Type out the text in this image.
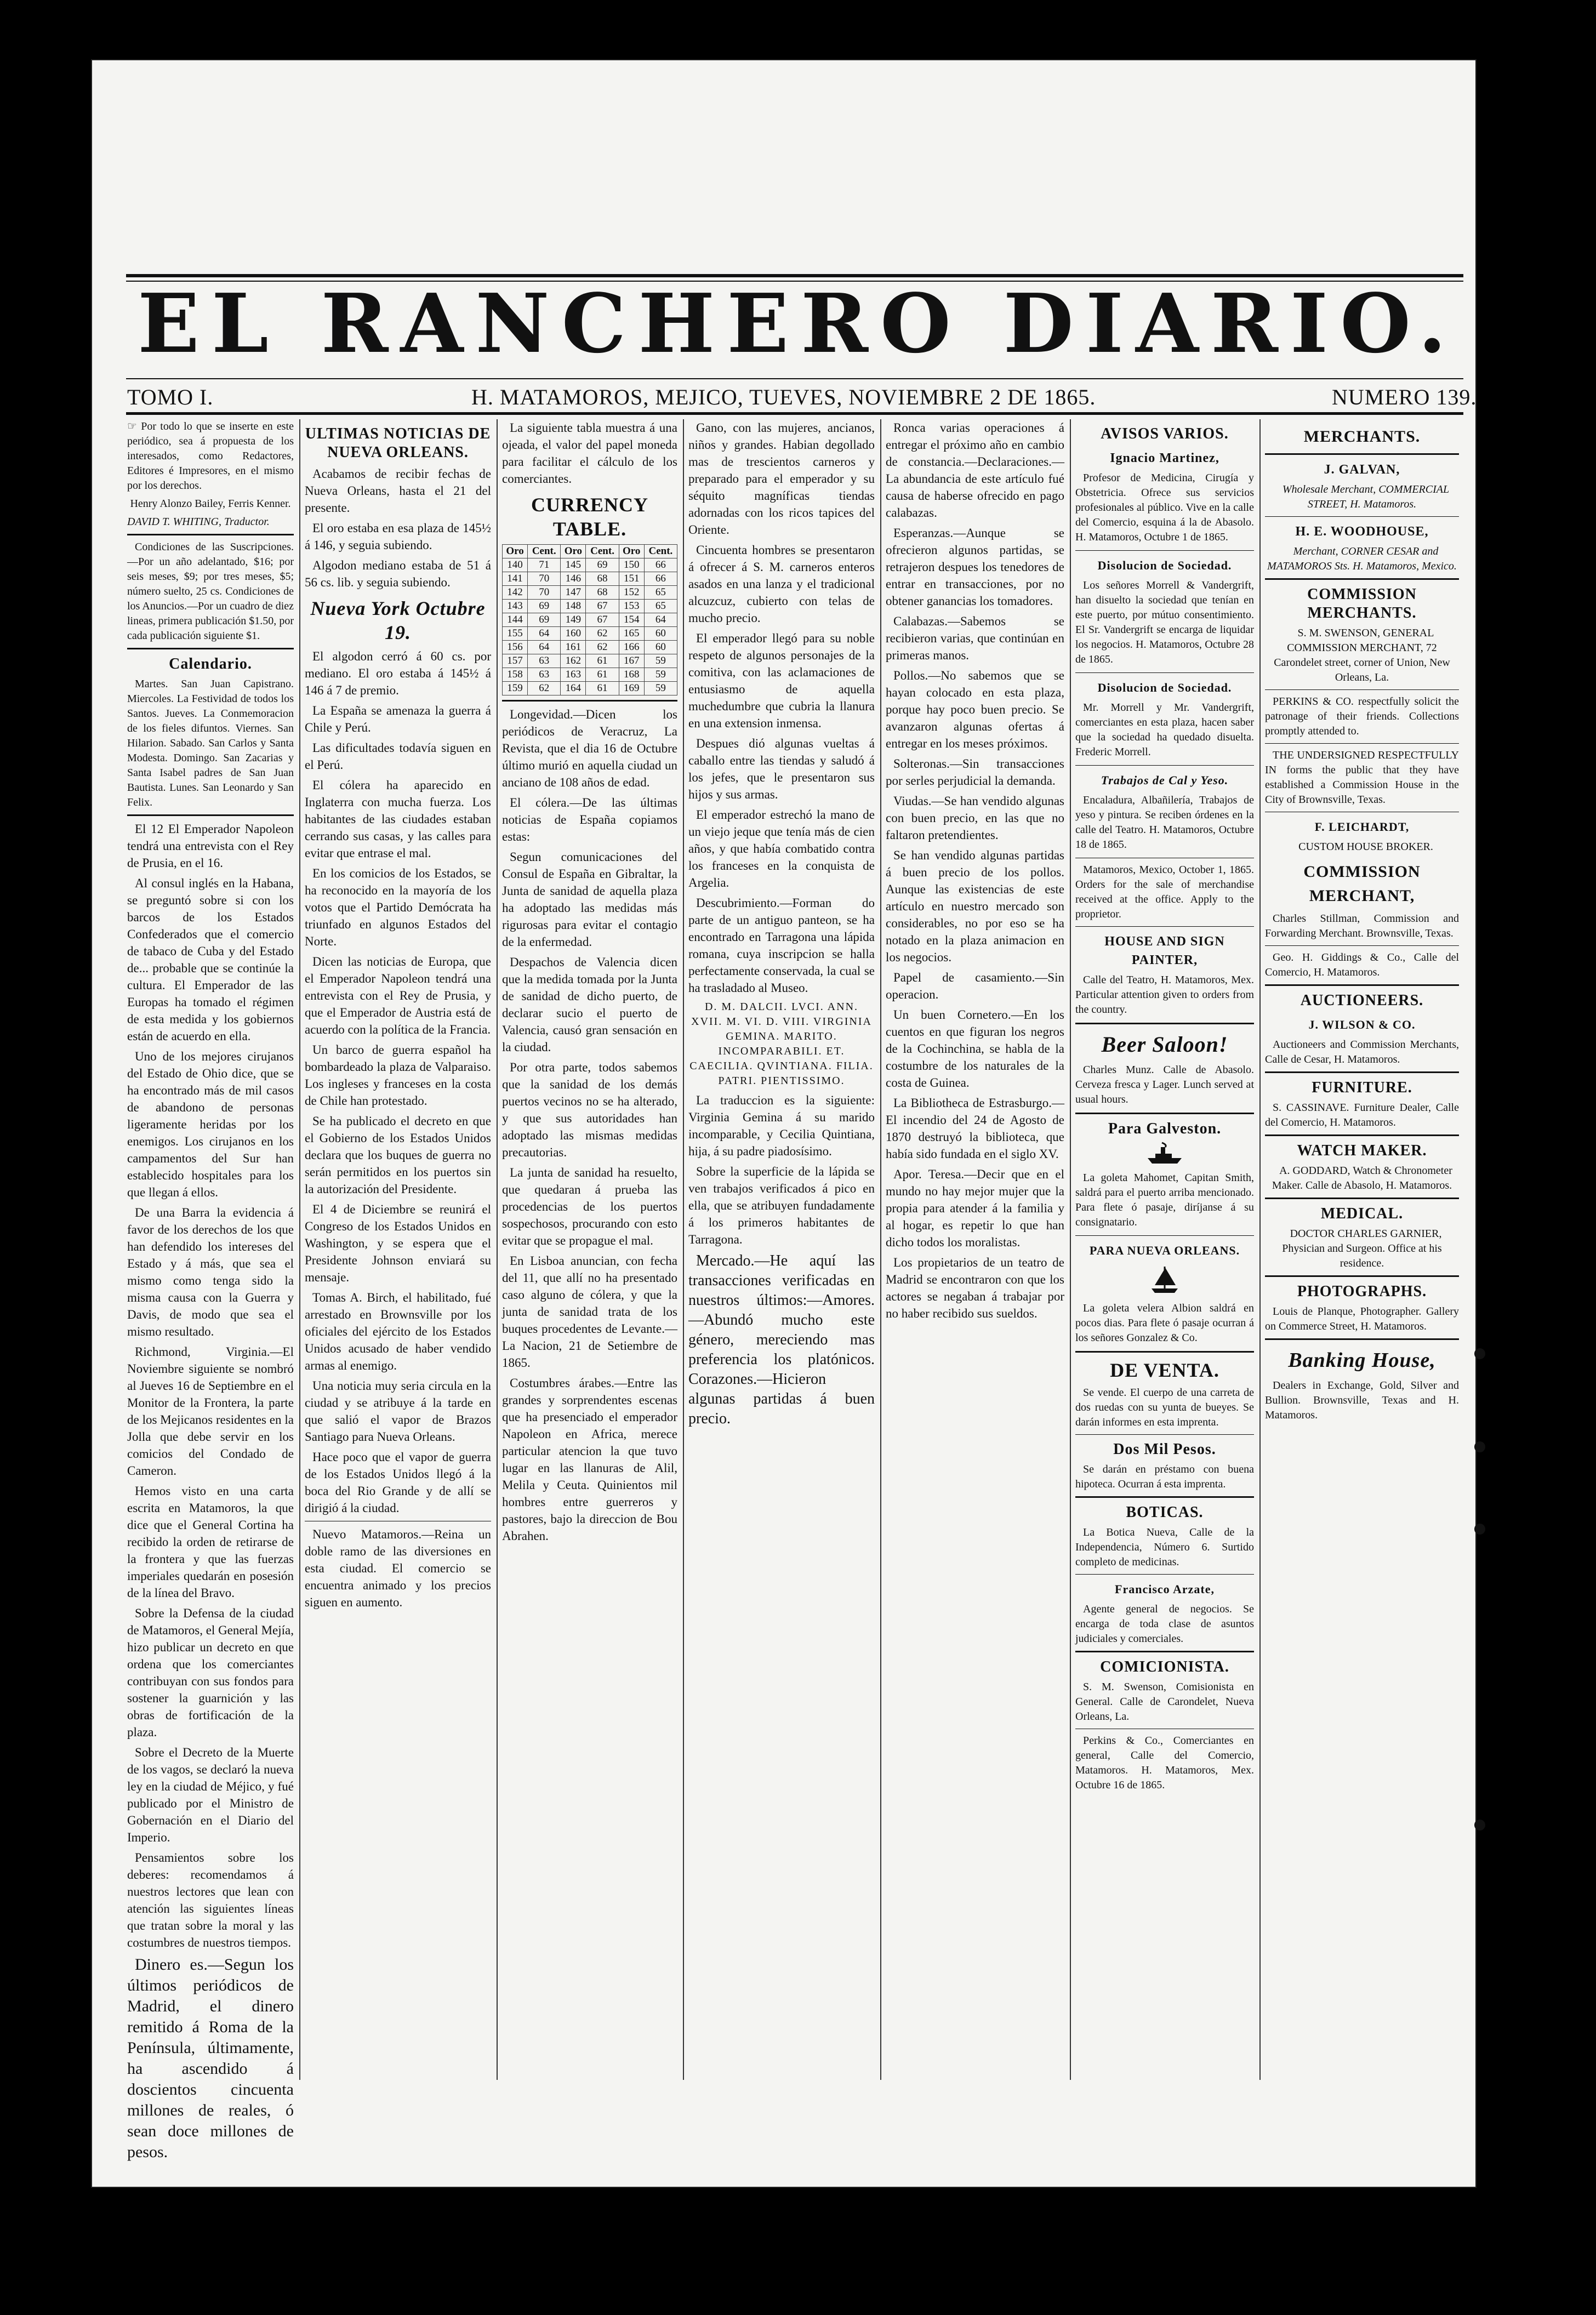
EL RANCHERO DIARIO.
TOMO I.	H. MATAMOROS, MEJICO, TUEVES, NOVIEMBRE 2 DE 1865.	NUMERO 139.

☞ Por todo lo que se inserte en este periódico, sea á propuesta de los interesados, como Redactores, Editores é Impresores, en el mismo por los derechos.

Henry Alonzo Bailey, Ferris Kenner.

DAVID T. WHITING, Traductor.

Condiciones de las Suscripciones.—Por un año adelantado, $16; por seis meses, $9; por tres meses, $5; número suelto, 25 cs. Condiciones de los Anuncios.—Por un cuadro de diez lineas, primera publicación $1.50, por cada publicación siguiente $1.

Calendario.

Martes. San Juan Capistrano. Miercoles. La Festividad de todos los Santos. Jueves. La Conmemoracion de los fieles difuntos. Viernes. San Hilarion. Sabado. San Carlos y Santa Modesta. Domingo. San Zacarias y Santa Isabel padres de San Juan Bautista. Lunes. San Leonardo y San Felix.

El 12 El Emperador Napoleon tendrá una entrevista con el Rey de Prusia, en el 16.

Al consul inglés en la Habana, se preguntó sobre si con los barcos de los Estados Confederados que el comercio de tabaco de Cuba y del Estado de... probable que se continúe la cultura. El Emperador de las Europas ha tomado el régimen de esta medida y los gobiernos están de acuerdo en ella.

Uno de los mejores cirujanos del Estado de Ohio dice, que se ha encontrado más de mil casos de abandono de personas ligeramente heridas por los enemigos. Los cirujanos en los campamentos del Sur han establecido hospitales para los que llegan á ellos.

De una Barra la evidencia á favor de los derechos de los que han defendido los intereses del Estado y á más, que sea el mismo como tenga sido la misma causa con la Guerra y Davis, de modo que sea el mismo resultado.

Richmond, Virginia.—El Noviembre siguiente se nombró al Jueves 16 de Septiembre en el Monitor de la Frontera, la parte de los Mejicanos residentes en la Jolla que debe servir en los comicios del Condado de Cameron.

Hemos visto en una carta escrita en Matamoros, la que dice que el General Cortina ha recibido la orden de retirarse de la frontera y que las fuerzas imperiales quedarán en posesión de la línea del Bravo.

Sobre la Defensa de la ciudad de Matamoros, el General Mejía, hizo publicar un decreto en que ordena que los comerciantes contribuyan con sus fondos para sostener la guarnición y las obras de fortificación de la plaza.

Sobre el Decreto de la Muerte de los vagos, se declaró la nueva ley en la ciudad de Méjico, y fué publicado por el Ministro de Gobernación en el Diario del Imperio.

Pensamientos sobre los deberes: recomendamos á nuestros lectores que lean con atención las siguientes líneas que tratan sobre la moral y las costumbres de nuestros tiempos.

Dinero es.—Segun los últimos periódicos de Madrid, el dinero remitido á Roma de la Península, últimamente, ha ascendido á doscientos cincuenta millones de reales, ó sean doce millones de pesos.

ULTIMAS NOTICIAS DE NUEVA ORLEANS.

Acabamos de recibir fechas de Nueva Orleans, hasta el 21 del presente.

El oro estaba en esa plaza de 145½ á 146, y seguia subiendo.

Algodon mediano estaba de 51 á 56 cs. lib. y seguia subiendo.

Nueva York Octubre 19.

El algodon cerró á 60 cs. por mediano. El oro estaba á 145½ á 146 á 7 de premio.

La España se amenaza la guerra á Chile y Perú.

Las dificultades todavía siguen en el Perú.

El cólera ha aparecido en Inglaterra con mucha fuerza. Los habitantes de las ciudades estaban cerrando sus casas, y las calles para evitar que entrase el mal.

En los comicios de los Estados, se ha reconocido en la mayoría de los votos que el Partido Demócrata ha triunfado en algunos Estados del Norte.

Dicen las noticias de Europa, que el Emperador Napoleon tendrá una entrevista con el Rey de Prusia, y que el Emperador de Austria está de acuerdo con la política de la Francia.

Un barco de guerra español ha bombardeado la plaza de Valparaiso. Los ingleses y franceses en la costa de Chile han protestado.

Se ha publicado el decreto en que el Gobierno de los Estados Unidos declara que los buques de guerra no serán permitidos en los puertos sin la autorización del Presidente.

El 4 de Diciembre se reunirá el Congreso de los Estados Unidos en Washington, y se espera que el Presidente Johnson enviará su mensaje.

Tomas A. Birch, el habilitado, fué arrestado en Brownsville por los oficiales del ejército de los Estados Unidos acusado de haber vendido armas al enemigo.

Una noticia muy seria circula en la ciudad y se atribuye á la tarde en que salió el vapor de Brazos Santiago para Nueva Orleans.

Hace poco que el vapor de guerra de los Estados Unidos llegó á la boca del Rio Grande y de allí se dirigió á la ciudad.

Nuevo Matamoros.—Reina un doble ramo de las diversiones en esta ciudad. El comercio se encuentra animado y los precios siguen en aumento.

La siguiente tabla muestra á una ojeada, el valor del papel moneda para facilitar el cálculo de los comerciantes.

CURRENCY TABLE.
Oro	Cent.	Oro	Cent.	Oro	Cent.
140	71	145	69	150	66
141	70	146	68	151	66
142	70	147	68	152	65
143	69	148	67	153	65
144	69	149	67	154	64
155	64	160	62	165	60
156	64	161	62	166	60
157	63	162	61	167	59
158	63	163	61	168	59
159	62	164	61	169	59

Longevidad.—Dicen los periódicos de Veracruz, La Revista, que el dia 16 de Octubre último murió en aquella ciudad un anciano de 108 años de edad.

El cólera.—De las últimas noticias de España copiamos estas:

Segun comunicaciones del Consul de España en Gibraltar, la Junta de sanidad de aquella plaza ha adoptado las medidas más rigurosas para evitar el contagio de la enfermedad.

Despachos de Valencia dicen que la medida tomada por la Junta de sanidad de dicho puerto, de declarar sucio el puerto de Valencia, causó gran sensación en la ciudad.

Por otra parte, todos sabemos que la sanidad de los demás puertos vecinos no se ha alterado, y que sus autoridades han adoptado las mismas medidas precautorias.

La junta de sanidad ha resuelto, que quedaran á prueba las procedencias de los puertos sospechosos, procurando con esto evitar que se propague el mal.

En Lisboa anuncian, con fecha del 11, que allí no ha presentado caso alguno de cólera, y que la junta de sanidad trata de los buques procedentes de Levante.—La Nacion, 21 de Setiembre de 1865.

Costumbres árabes.—Entre las grandes y sorprendentes escenas que ha presenciado el emperador Napoleon en Africa, merece particular atencion la que tuvo lugar en las llanuras de Alil, Melila y Ceuta. Quinientos mil hombres entre guerreros y pastores, bajo la direccion de Bou Abrahen.

Gano, con las mujeres, ancianos, niños y grandes. Habian degollado mas de trescientos carneros y preparado para el emperador y su séquito magníficas tiendas adornadas con los ricos tapices del Oriente.

Cincuenta hombres se presentaron á ofrecer á S. M. carneros enteros asados en una lanza y el tradicional alcuzcuz, cubierto con telas de mucho precio.

El emperador llegó para su noble respeto de algunos personajes de la comitiva, con las aclamaciones de entusiasmo de aquella muchedumbre que cubria la llanura en una extension inmensa.

Despues dió algunas vueltas á caballo entre las tiendas y saludó á los jefes, que le presentaron sus hijos y sus armas.

El emperador estrechó la mano de un viejo jeque que tenía más de cien años, y que había combatido contra los franceses en la conquista de Argelia.

Descubrimiento.—Forman do parte de un antiguo panteon, se ha encontrado en Tarragona una lápida romana, cuya inscripcion se halla perfectamente conservada, la cual se ha trasladado al Museo.

D. M. DALCII. LVCI. ANN. XVII. M. VI. D. VIII. VIRGINIA GEMINA. MARITO. INCOMPARABILI. ET. CAECILIA. QVINTIANA. FILIA. PATRI. PIENTISSIMO.

La traduccion es la siguiente: Virginia Gemina á su marido incomparable, y Cecilia Quintiana, hija, á su padre piadosísimo.

Sobre la superficie de la lápida se ven trabajos verificados á pico en ella, que se atribuyen fundadamente á los primeros habitantes de Tarragona.

Mercado.—He aquí las transacciones verificadas en nuestros últimos:—Amores.—Abundó mucho este género, mereciendo mas preferencia los platónicos. Corazones.—Hicieron algunas partidas á buen precio.

Ronca varias operaciones á entregar el próximo año en cambio de constancia.—Declaraciones.—La abundancia de este artículo fué causa de haberse ofrecido en pago calabazas.

Esperanzas.—Aunque se ofrecieron algunos partidas, se retrajeron despues los tenedores de entrar en transacciones, por no obtener ganancias los tomadores.

Calabazas.—Sabemos se recibieron varias, que continúan en primeras manos.

Pollos.—No sabemos que se hayan colocado en esta plaza, porque hay poco buen precio. Se avanzaron algunas ofertas á entregar en los meses próximos.

Solteronas.—Sin transacciones por serles perjudicial la demanda.

Viudas.—Se han vendido algunas con buen precio, en las que no faltaron pretendientes.

Se han vendido algunas partidas á buen precio de los pollos. Aunque las existencias de este artículo en nuestro mercado son considerables, no por eso se ha notado en la plaza animacion en los negocios.

Papel de casamiento.—Sin operacion.

Un buen Cornetero.—En los cuentos en que figuran los negros de la Cochinchina, se habla de la costumbre de los naturales de la costa de Guinea.

La Bibliotheca de Estrasburgo.—El incendio del 24 de Agosto de 1870 destruyó la biblioteca, que había sido fundada en el siglo XV.

Apor. Teresa.—Decir que en el mundo no hay mejor mujer que la propia para atender á la familia y al hogar, es repetir lo que han dicho todos los moralistas.

Los propietarios de un teatro de Madrid se encontraron con que los actores se negaban á trabajar por no haber recibido sus sueldos.

AVISOS VARIOS.
Ignacio Martinez,

Profesor de Medicina, Cirugía y Obstetricia. Ofrece sus servicios profesionales al público. Vive en la calle del Comercio, esquina á la de Abasolo. H. Matamoros, Octubre 1 de 1865.

Disolucion de Sociedad.

Los señores Morrell & Vandergrift, han disuelto la sociedad que tenían en este puerto, por mútuo consentimiento. El Sr. Vandergrift se encarga de liquidar los negocios. H. Matamoros, Octubre 28 de 1865.

Disolucion de Sociedad.

Mr. Morrell y Mr. Vandergrift, comerciantes en esta plaza, hacen saber que la sociedad ha quedado disuelta. Frederic Morrell.

Trabajos de Cal y Yeso.

Encaladura, Albañilería, Trabajos de yeso y pintura. Se reciben órdenes en la calle del Teatro. H. Matamoros, Octubre 18 de 1865.

Matamoros, Mexico, October 1, 1865. Orders for the sale of merchandise received at the office. Apply to the proprietor.

HOUSE AND SIGN PAINTER,

Calle del Teatro, H. Matamoros, Mex. Particular attention given to orders from the country.

Beer Saloon!

Charles Munz. Calle de Abasolo. Cerveza fresca y Lager. Lunch served at usual hours.

Para Galveston.

La goleta Mahomet, Capitan Smith, saldrá para el puerto arriba mencionado. Para flete ó pasaje, diríjanse á su consignatario.

PARA NUEVA ORLEANS.

La goleta velera Albion saldrá en pocos dias. Para flete ó pasaje ocurran á los señores Gonzalez & Co.

DE VENTA.

Se vende. El cuerpo de una carreta de dos ruedas con su yunta de bueyes. Se darán informes en esta imprenta.

Dos Mil Pesos.

Se darán en préstamo con buena hipoteca. Ocurran á esta imprenta.

BOTICAS.

La Botica Nueva, Calle de la Independencia, Número 6. Surtido completo de medicinas.

Francisco Arzate,

Agente general de negocios. Se encarga de toda clase de asuntos judiciales y comerciales.

COMICIONISTA.

S. M. Swenson, Comisionista en General. Calle de Carondelet, Nueva Orleans, La.

Perkins & Co., Comerciantes en general, Calle del Comercio, Matamoros. H. Matamoros, Mex. Octubre 16 de 1865.

MERCHANTS.
J. GALVAN,

Wholesale Merchant, COMMERCIAL STREET, H. Matamoros.

H. E. WOODHOUSE,

Merchant, CORNER CESAR and MATAMOROS Sts. H. Matamoros, Mexico.

COMMISSION MERCHANTS.

S. M. SWENSON, GENERAL COMMISSION MERCHANT, 72 Carondelet street, corner of Union, New Orleans, La.

PERKINS & CO. respectfully solicit the patronage of their friends. Collections promptly attended to.

THE UNDERSIGNED RESPECTFULLY IN forms the public that they have established a Commission House in the City of Brownsville, Texas.

F. LEICHARDT,

CUSTOM HOUSE BROKER.

COMMISSION MERCHANT,

Charles Stillman, Commission and Forwarding Merchant. Brownsville, Texas.

Geo. H. Giddings & Co., Calle del Comercio, H. Matamoros.

AUCTIONEERS.
J. WILSON & CO.

Auctioneers and Commission Merchants, Calle de Cesar, H. Matamoros.

FURNITURE.

S. CASSINAVE. Furniture Dealer, Calle del Comercio, H. Matamoros.

WATCH MAKER.

A. GODDARD, Watch & Chronometer Maker. Calle de Abasolo, H. Matamoros.

MEDICAL.

DOCTOR CHARLES GARNIER, Physician and Surgeon. Office at his residence.

PHOTOGRAPHS.

Louis de Planque, Photographer. Gallery on Commerce Street, H. Matamoros.

Banking House,

Dealers in Exchange, Gold, Silver and Bullion. Brownsville, Texas and H. Matamoros.
